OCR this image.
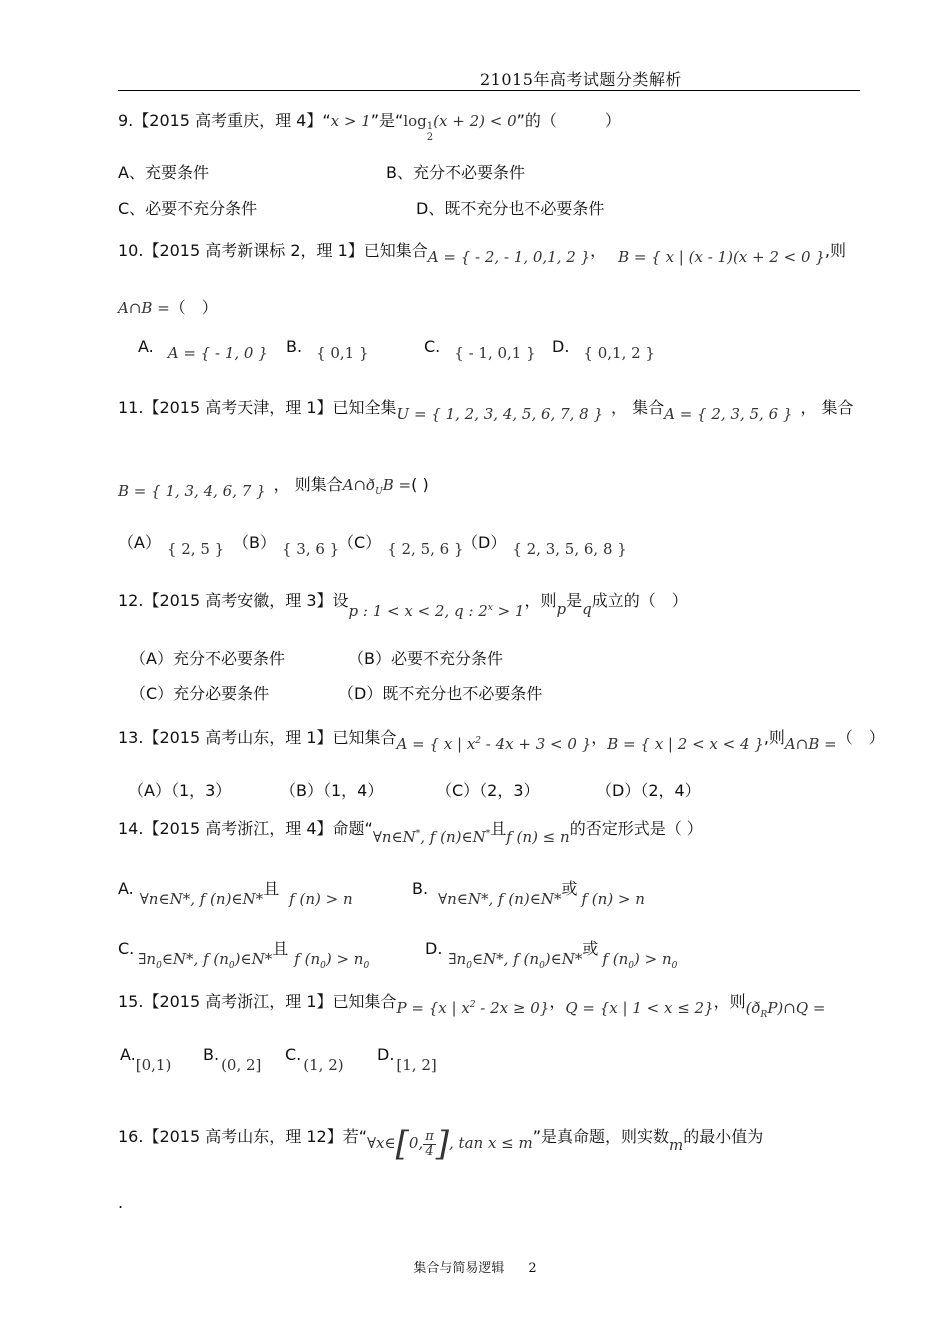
21015年高考试题分类解析
9.【2015 高考重庆，理 4】“x > 1”是“log 1
2
(x + 2) < 0”的（　　　）
A、充要条件	B、充分不必要条件
C、必要不充分条件	D、既不充分也不必要条件
10.【2015 高考新课标 2，理 1】已知集合A = { - 2, - 1, 0,1, 2 }， B = { x | (x - 1)(x + 2 < 0 },则
A∩B =（　）
A. A = { - 1, 0 } B. { 0,1 }	C. { - 1, 0,1 } D. { 0,1, 2 }
11.【2015 高考天津，理 1】已知全集U = { 1, 2, 3, 4, 5, 6, 7, 8 } ， 集合A = { 2, 3, 5, 6 } ， 集合
B = { 1, 3, 4, 6, 7 } ， 则集合$A\cap ð_UB$ =( )
（A） { 2, 5 } （B） { 3, 6 }
（C） { 2, 5, 6 }
（D） { 2, 3, 5, 6, 8 }
12.【2015 高考安徽，理 3】设p : 1 < x < 2, q : $2^x > 1$，则p是q成立的（　）
（A）充分不必要条件	（B）必要不充分条件
（C）充分必要条件	（D）既不充分也不必要条件
13.【2015 高考山东，理 1】已知集合A = { x | $x^2 - 4x + 3 < 0$ }，B = { x | 2 < x < 4 },则A∩B =（　）
（A）（1，3）	（B）（1，4）	（C）（2，3）	（D）（2，4）
14.【2015 高考浙江，理 4】命题“∀n∈N*, f (n)∈N*且f (n) ≤ n的否定形式是（ ）
A.∀n∈N*, f (n)∈N*且f (n) > n
B.∀n∈N*, f (n)∈N*或f (n) > n
$C.\exists n_0\in N*$, f $(n_0)\in N*$且f $(n_0) > n_0$
$D.\exists n_0\in N*$, f $(n_0)\in N*$或f $(n_0) > n_0$
15.【2015 高考浙江，理 1】已知集合P = {x | $x^2 - 2x \ge 0$}，Q = {x | 1 < x ≤ 2}，则$(ð_RP)\cap Q$ =
A.[0,1)
B.(0, 2]
C.(1, 2)
D.[1, 2]
16.【2015 高考山东，理 12】若“∀x∈[0, $\frac{\pi}{4}$ ], tan x ≤ m”是真命题，则实数m的最小值为
.
集合与简易逻辑 2
